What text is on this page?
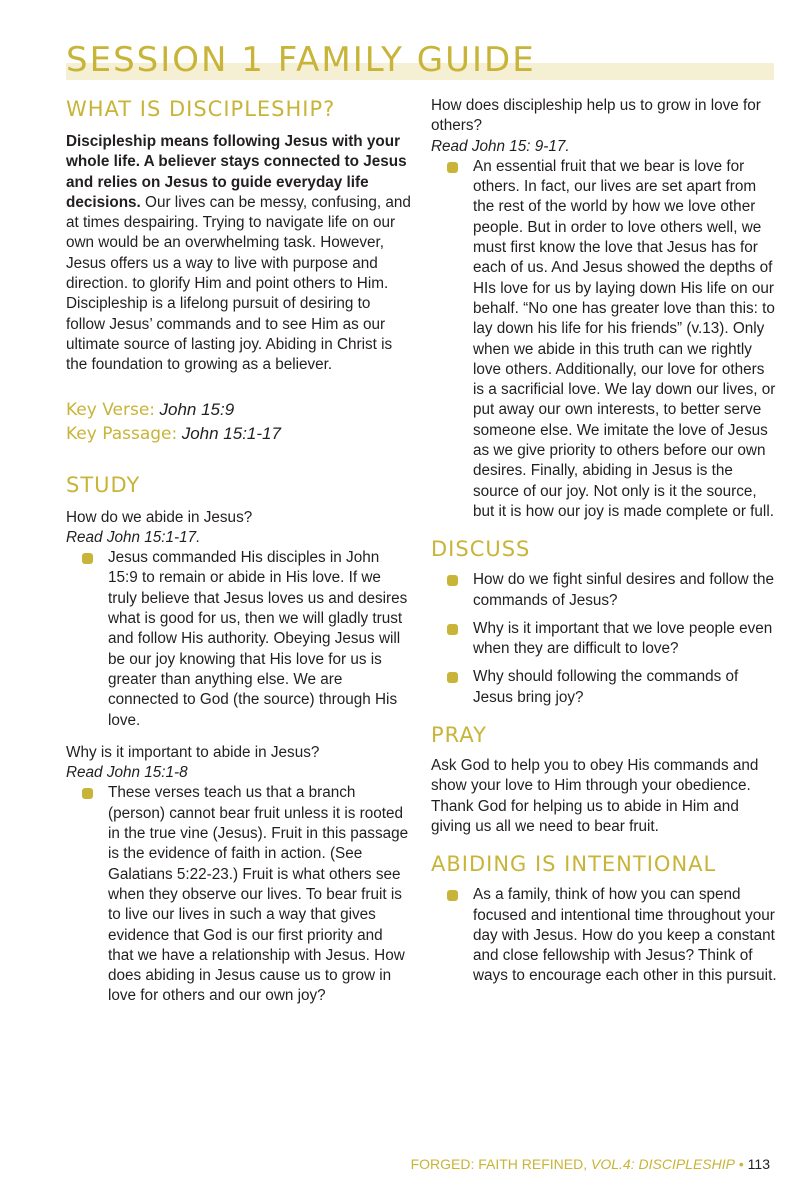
SESSION 1 FAMILY GUIDE
WHAT IS DISCIPLESHIP?

Discipleship means following Jesus with your whole life. A believer stays connected to Jesus and relies on Jesus to guide everyday life decisions. Our lives can be messy, confusing, and at times despairing. Trying to navigate life on our own would be an overwhelming task. However, Jesus offers us a way to live with purpose and direction. to glorify Him and point others to Him. Discipleship is a lifelong pursuit of desiring to follow Jesus’ commands and to see Him as our ultimate source of lasting joy. Abiding in Christ is the foundation to growing as a believer.

Key Verse: John 15:9
Key Passage: John 15:1-17
STUDY
How do we abide in Jesus?
Read John 15:1-17.
Jesus commanded His disciples in John 15:9 to remain or abide in His love. If we truly believe that Jesus loves us and desires what is good for us, then we will gladly trust and follow His authority. Obeying Jesus will be our joy knowing that His love for us is greater than anything else. We are connected to God (the source) through His love.
Why is it important to abide in Jesus?
Read John 15:1-8
These verses teach us that a branch (person) cannot bear fruit unless it is rooted in the true vine (Jesus). Fruit in this passage is the evidence of faith in action. (See Galatians 5:22-23.) Fruit is what others see when they observe our lives. To bear fruit is to live our lives in such a way that gives evidence that God is our first priority and that we have a relationship with Jesus. How does abiding in Jesus cause us to grow in love for others and our own joy?
How does discipleship help us to grow in love for others?
Read John 15: 9-17.
An essential fruit that we bear is love for others. In fact, our lives are set apart from the rest of the world by how we love other people. But in order to love others well, we must first know the love that Jesus has for each of us. And Jesus showed the depths of HIs love for us by laying down His life on our behalf. “No one has greater love than this: to lay down his life for his friends” (v.13). Only when we abide in this truth can we rightly love others. Additionally, our love for others is a sacrificial love. We lay down our lives, or put away our own interests, to better serve someone else. We imitate the love of Jesus as we give priority to others before our own desires. Finally, abiding in Jesus is the source of our joy. Not only is it the source, but it is how our joy is made complete or full.
DISCUSS
How do we fight sinful desires and follow the commands of Jesus?
Why is it important that we love people even when they are difficult to love?
Why should following the commands of Jesus bring joy?
PRAY

Ask God to help you to obey His commands and show your love to Him through your obedience. Thank God for helping us to abide in Him and giving us all we need to bear fruit.

ABIDING IS INTENTIONAL
As a family, think of how you can spend focused and intentional time throughout your day with Jesus. How do you keep a constant and close fellowship with Jesus? Think of ways to encourage each other in this pursuit.
FORGED: FAITH REFINED, VOL.4: DISCIPLESHIP • 113
